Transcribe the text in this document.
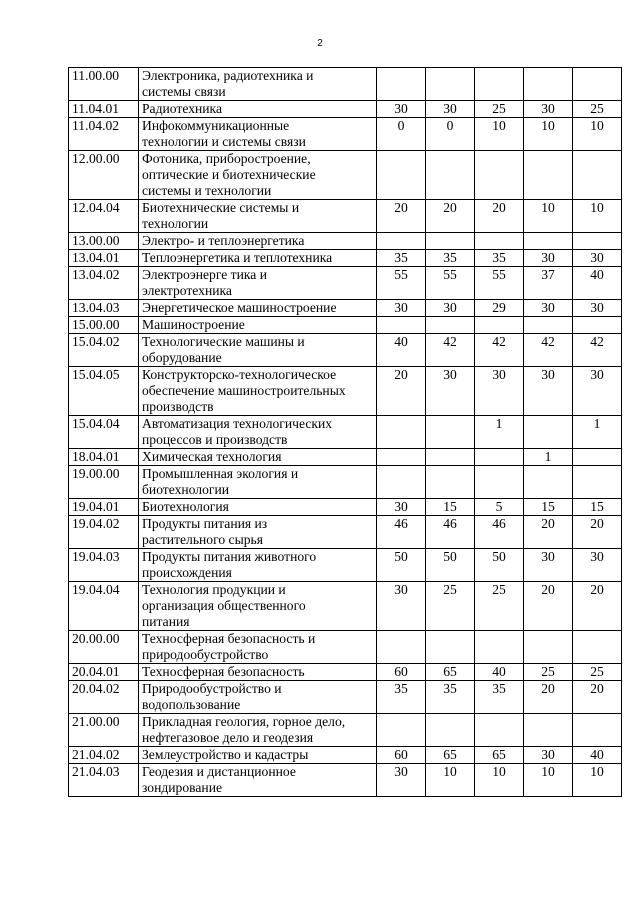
2
11.00.00	Электроника, радиотехника и
системы связи					

11.04.01	Радиотехника	30	30	25	30	25
11.04.02	Инфокоммуникационные
технологии и системы связи	0	0	10	10	10
12.00.00	Фотоника, приборостроение,
оптические и биотехнические
системы и технологии					

12.04.04	Биотехнические системы и
технологии	20	20	20	10	10
13.00.00	Электро- и теплоэнергетика					

13.04.01	Теплоэнергетика и теплотехника	35	35	35	30	30
13.04.02	Электроэнерге тика и
электротехника	55	55	55	37	40
13.04.03	Энергетическое машиностроение	30	30	29	30	30
15.00.00	Машиностроение					

15.04.02	Технологические машины и
оборудование	40	42	42	42	42
15.04.05	Конструкторско-технологическое
обеспечение машиностроительных
производств	20	30	30	30	30
15.04.04	Автоматизация технологических
процессов и производств			1		1
18.04.01	Химическая технология				1	
19.00.00	Промышленная экология и
биотехнологии					

19.04.01	Биотехнология	30	15	5	15	15
19.04.02	Продукты питания из
растительного сырья	46	46	46	20	20
19.04.03	Продукты питания животного
происхождения	50	50	50	30	30
19.04.04	Технология продукции и
организация общественного
питания	30	25	25	20	20
20.00.00	Техносферная безопасность и
природообустройство					

20.04.01	Техносферная безопасность	60	65	40	25	25
20.04.02	Природообустройство и
водопользование	35	35	35	20	20
21.00.00	Прикладная геология, горное дело,
нефтегазовое дело и геодезия					

21.04.02	Землеустройство и кадастры	60	65	65	30	40
21.04.03	Геодезия и дистанционное
зондирование	30	10	10	10	10
